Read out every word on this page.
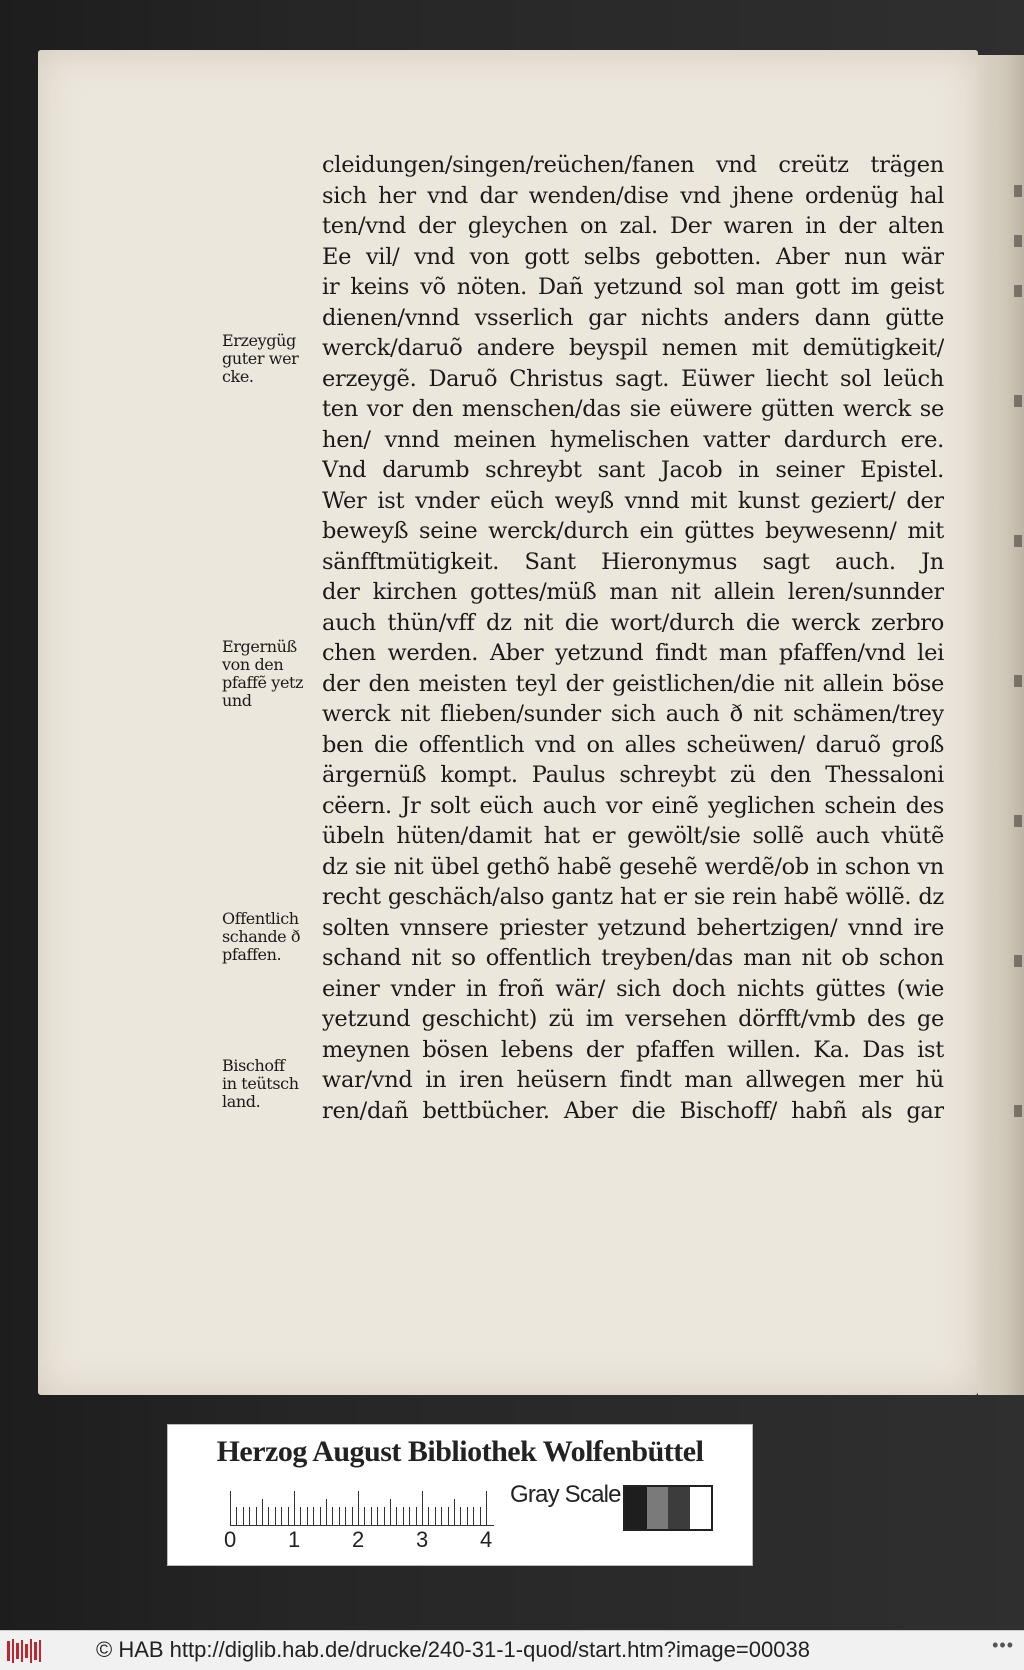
cleidungen/singen/reüchen/fanen vnd creütz trägen
sich her vnd dar wenden/dise vnd jhene ordenüg hal
ten/vnd der gleychen on zal. Der waren in der alten
Ee vil/ vnd von gott selbs gebotten. Aber nun wär
ir keins võ nöten. Dañ yetzund sol man gott im geist
dienen/vnnd vsserlich gar nichts anders dann gütte
werck/daruõ andere beyspil nemen mit demütigkeit/
erzeygẽ. Daruõ Christus sagt. Eüwer liecht sol leüch
ten vor den menschen/das sie eüwere gütten werck se
hen/ vnnd meinen hymelischen vatter dardurch ere.
Vnd darumb schreybt sant Jacob in seiner Epistel.
Wer ist vnder eüch weyß vnnd mit kunst geziert/ der
beweyß seine werck/durch ein güttes beywesenn/ mit
sänfftmütigkeit. Sant Hieronymus sagt auch. Jn
der kirchen gottes/müß man nit allein leren/sunnder
auch thün/vff dz nit die wort/durch die werck zerbro
chen werden. Aber yetzund findt man pfaffen/vnd lei
der den meisten teyl der geistlichen/die nit allein böse
werck nit flieben/sunder sich auch ð nit schämen/trey
ben die offentlich vnd on alles scheüwen/ daruõ groß
ärgernüß kompt. Paulus schreybt zü den Thessaloni
cëern. Jr solt eüch auch vor einẽ yeglichen schein des
übeln hüten/damit hat er gewölt/sie sollẽ auch vhütẽ
dz sie nit übel gethõ habẽ gesehẽ werdẽ/ob in schon vn
recht geschäch/also gantz hat er sie rein habẽ wöllẽ. dz
solten vnnsere priester yetzund behertzigen/ vnnd ire
schand nit so offentlich treyben/das man nit ob schon
einer vnder in froñ wär/ sich doch nichts güttes (wie
yetzund geschicht) zü im versehen dörfft/vmb des ge
meynen bösen lebens der pfaffen willen. Ka. Das ist
war/vnd in iren heüsern findt man allwegen mer hü
ren/dañ bettbücher. Aber die Bischoff/ habñ als gar
Erzeygüg
guter wer
cke.
Ergernüß
von den
pfaffẽ yetz
und
Offentlich
schande ð
pfaffen.
Bischoff
in teütsch
land.
Herzog August Bibliothek Wolfenbüttel
0 1 2 3 4
Gray Scale
© HAB http://diglib.hab.de/drucke/240-31-1-quod/start.htm?image=00038	•••
